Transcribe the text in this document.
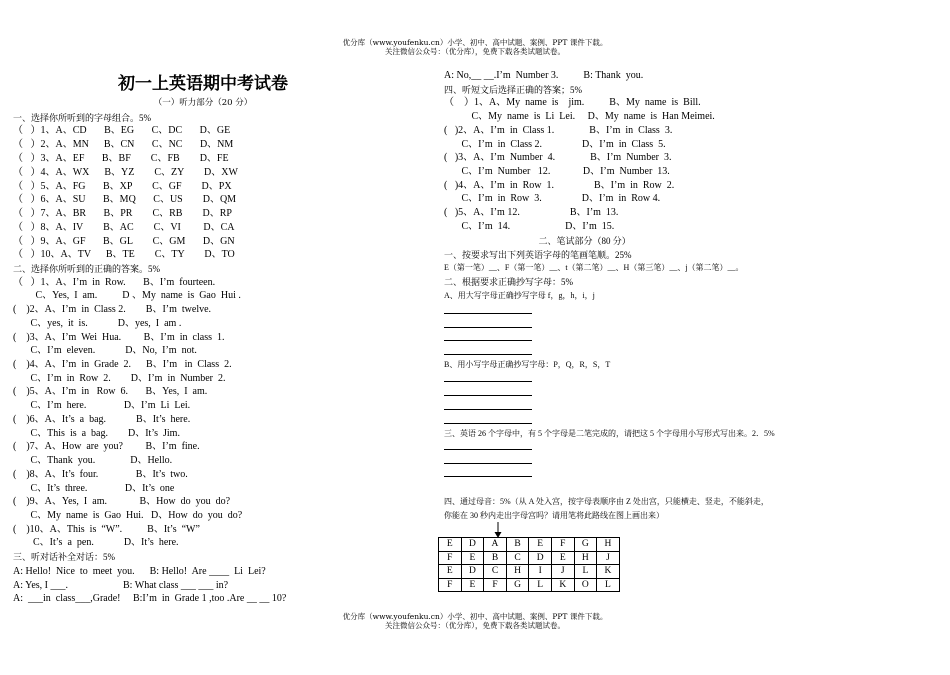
优分库（www.youfenku.cn）小学、初中、高中试题、案例、PPT 课件下载。
关注微信公众号：（优分库），免费下载各类试题试卷。
初一上英语期中考试卷
（一）听力部分（20 分）
一、选择你所听到的字母组合。5%
（   ）1、A、CD       B、EG       C、DC       D、GE
（   ）2、A、MN      B、CN       C、NC       D、NM
（   ）3、A、EF       B、BF        C、FB        D、FE
（   ）4、A、WX      B、YZ        C、ZY        D、XW
（   ）5、A、FG       B、XP        C、GF        D、PX
（   ）6、A、SU       B、MQ       C、US        D、QM
（   ）7、A、BR       B、PR        C、RB        D、RP
（   ）8、A、IV        B、AC        C、VI         D、CA
（   ）9、A、GF       B、GL        C、GM       D、GN
（   ）10、A、TV      B、TE        C、TY        D、TO
二、选择你所听到的正确的答案。5%
（   ）1、A、I’m  in  Row.       B、I’m  fourteen.
C、Yes,  I  am.          D 、My  name  is  Gao  Hui .
(    )2、A、I’m  in  Class 2.        B、I’m  twelve.
C、yes,  it  is.            D、yes,  I  am .
(    )3、A、I’m  Wei  Hua.         B、I’m  in  class  1.
C、I’m  eleven.            D、No,  I’m  not.
(    )4、A、I’m  in  Grade  2.      B、I’m   in  Class  2.
C、I’m  in  Row  2.        D、I’m  in  Number  2.
(    )5、A、I’m  in   Row  6.       B、Yes,  I  am.
C、I’m  here.               D、I’m  Li  Lei.
(    )6、A、It’s  a  bag.            B、It’s  here.
C、This  is  a  bag.        D、It’s  Jim.
(    )7、A、How  are  you?         B、I’m  fine.
C、Thank  you.              D、Hello.
(    )8、A、It’s  four.               B、It’s  two.
C、It’s  three.               D、It’s  one
(    )9、A、Yes,  I  am.             B、How  do  you  do?
C、My  name  is  Gao  Hui.   D、How  do  you  do?
(    )10、A、This  is  “W”.          B、It’s  “W”
C、It’s  a  pen.            D、It’s  here.
三、听对话补全对话：5%
A: Hello!  Nice  to  meet  you.      B: Hello!  Are ____  Li  Lei?
A: Yes, I ___.                      B: What class ___ ___ in?
A:  ___in  class___,Grade!     B:I’m  in  Grade 1 ,too .Are __ __ 10?
A: No,__ __.I’m  Number 3.          B: Thank  you.
四、听短文后选择正确的答案；5%
（    ）1、A、My  name  is    jim.          B、My  name  is  Bill.
C、My  name  is  Li  Lei.     D、My  name  is  Han Meimei.
(   )2、A、I’m  in  Class 1.              B、I’m  in  Class  3.
C、I’m  in  Class 2.                D、I’m  in  Class  5.
(   )3、A、I’m  Number  4.              B、I’m  Number  3.
C、I’m  Number   12.             D、I’m  Number  13.
(   )4、A、I’m  in  Row  1.                B、I’m  in  Row  2.
C、I’m  in  Row  3.                D、I’m  in  Row 4.
(   )5、A、I’m 12.                    B、I’m  13.
C、I’m  14.                      D、I’m  15.
二、笔试部分（80 分）
一、按要求写出下列英语字母的笔画笔顺。25%
E（第一笔）__、F（第一笔）__、t（第二笔）__、H（第三笔）__、j（第二笔）__。
二、根据要求正确抄写字母：5%
A、用大写字母正确抄写字母 f，g，h，i，j
B、用小写字母正确抄写字母：P，Q，R，S，T
三、英语 26 个字母中，有 5 个字母是二笔完成的，请把这 5 个字母用小写形式写出来。2．5%
四、通过母音：5%（从 A 处入宫，按字母表顺序由 Z 处出宫，只能横走、竖走，不能斜走，
你能在 30 秒内走出字母宫吗？请用笔将此路线在图上画出来）
E	D	A	B	E	F	G	H
F	E	B	C	D	E	H	J
E	D	C	H	I	J	L	K
F	E	F	G	L	K	O	L
优分库（www.youfenku.cn）小学、初中、高中试题、案例、PPT 课件下载。
关注微信公众号：（优分库），免费下载各类试题试卷。
